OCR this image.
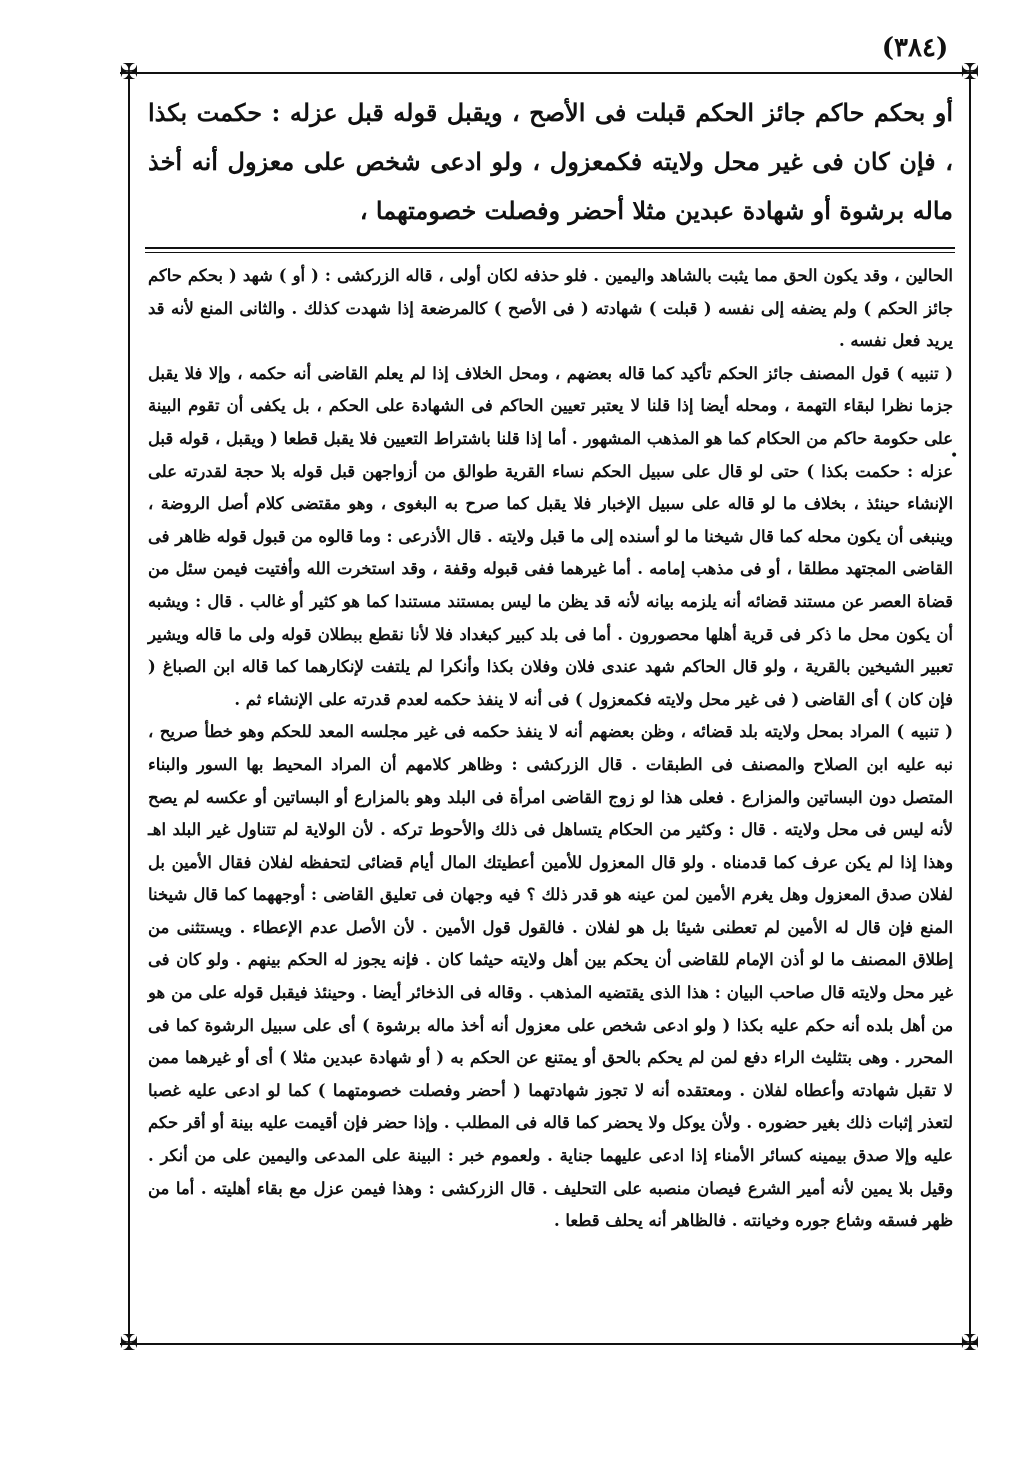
(٣٨٤)
✠	✠
✠	✠
أو بحكم حاكم جائز الحكم قبلت فى الأصح ، ويقبل قوله قبل عزله : حكمت بكذا ، فإن كان فى غير محل ولايته فكمعزول ، ولو ادعى شخص على معزول أنه أخذ ماله برشوة أو شهادة عبدين مثلا أحضر وفصلت خصومتهما ،

الحالين ، وقد يكون الحق مما يثبت بالشاهد واليمين . فلو حذفه لكان أولى ، قاله الزركشى : ( أو ) شهد ( بحكم حاكم جائز الحكم ) ولم يضفه إلى نفسه ( قبلت ) شهادته ( فى الأصح ) كالمرضعة إذا شهدت كذلك . والثانى المنع لأنه قد يريد فعل نفسه .

( تنبيه ) قول المصنف جائز الحكم تأكيد كما قاله بعضهم ، ومحل الخلاف إذا لم يعلم القاضى أنه حكمه ، وإلا فلا يقبل جزما نظرا لبقاء التهمة ، ومحله أيضا إذا قلنا لا يعتبر تعيين الحاكم فى الشهادة على الحكم ، بل يكفى أن تقوم البينة على حكومة حاكم من الحكام كما هو المذهب المشهور . أما إذا قلنا باشتراط التعيين فلا يقبل قطعا ( ويقبل ، قوله قبل عزله : حكمت بكذا ) حتى لو قال على سبيل الحكم نساء القرية طوالق من أزواجهن قبل قوله بلا حجة لقدرته على الإنشاء حينئذ ، بخلاف ما لو قاله على سبيل الإخبار فلا يقبل كما صرح به البغوى ، وهو مقتضى كلام أصل الروضة ، وينبغى أن يكون محله كما قال شيخنا ما لو أسنده إلى ما قبل ولايته . قال الأذرعى : وما قالوه من قبول قوله ظاهر فى القاضى المجتهد مطلقا ، أو فى مذهب إمامه . أما غيرهما ففى قبوله وقفة ، وقد استخرت الله وأفتيت فيمن سئل من قضاة العصر عن مستند قضائه أنه يلزمه بيانه لأنه قد يظن ما ليس بمستند مستندا كما هو كثير أو غالب . قال : ويشبه أن يكون محل ما ذكر فى قرية أهلها محصورون . أما فى بلد كبير كبغداد فلا لأنا نقطع ببطلان قوله ولى ما قاله ويشير تعبير الشيخين بالقرية ، ولو قال الحاكم شهد عندى فلان وفلان بكذا وأنكرا لم يلتفت لإنكارهما كما قاله ابن الصباغ ( فإن كان ) أى القاضى ( فى غير محل ولايته فكمعزول ) فى أنه لا ينفذ حكمه لعدم قدرته على الإنشاء ثم .

( تنبيه ) المراد بمحل ولايته بلد قضائه ، وظن بعضهم أنه لا ينفذ حكمه فى غير مجلسه المعد للحكم وهو خطأ صريح ، نبه عليه ابن الصلاح والمصنف فى الطبقات . قال الزركشى : وظاهر كلامهم أن المراد المحيط بها السور والبناء المتصل دون البساتين والمزارع . فعلى هذا لو زوج القاضى امرأة فى البلد وهو بالمزارع أو البساتين أو عكسه لم يصح لأنه ليس فى محل ولايته . قال : وكثير من الحكام يتساهل فى ذلك والأحوط تركه . لأن الولاية لم تتناول غير البلد اهـ وهذا إذا لم يكن عرف كما قدمناه . ولو قال المعزول للأمين أعطيتك المال أيام قضائى لتحفظه لفلان فقال الأمين بل لفلان صدق المعزول وهل يغرم الأمين لمن عينه هو قدر ذلك ؟ فيه وجهان فى تعليق القاضى : أوجههما كما قال شيخنا المنع فإن قال له الأمين لم تعطنى شيئا بل هو لفلان . فالقول قول الأمين . لأن الأصل عدم الإعطاء . ويستثنى من إطلاق المصنف ما لو أذن الإمام للقاضى أن يحكم بين أهل ولايته حيثما كان . فإنه يجوز له الحكم بينهم . ولو كان فى غير محل ولايته قال صاحب البيان : هذا الذى يقتضيه المذهب . وقاله فى الذخائر أيضا . وحينئذ فيقبل قوله على من هو من أهل بلده أنه حكم عليه بكذا ( ولو ادعى شخص على معزول أنه أخذ ماله برشوة ) أى على سبيل الرشوة كما فى المحرر . وهى بتثليث الراء دفع لمن لم يحكم بالحق أو يمتنع عن الحكم به ( أو شهادة عبدين مثلا ) أى أو غيرهما ممن لا تقبل شهادته وأعطاه لفلان . ومعتقده أنه لا تجوز شهادتهما ( أحضر وفصلت خصومتهما ) كما لو ادعى عليه غصبا لتعذر إثبات ذلك بغير حضوره . ولأن يوكل ولا يحضر كما قاله فى المطلب . وإذا حضر فإن أقيمت عليه بينة أو أقر حكم عليه وإلا صدق بيمينه كسائر الأمناء إذا ادعى عليهما جناية . ولعموم خبر : البينة على المدعى واليمين على من أنكر . وقيل بلا يمين لأنه أمير الشرع فيصان منصبه على التحليف . قال الزركشى : وهذا فيمن عزل مع بقاء أهليته . أما من ظهر فسقه وشاع جوره وخيانته . فالظاهر أنه يحلف قطعا .

•
